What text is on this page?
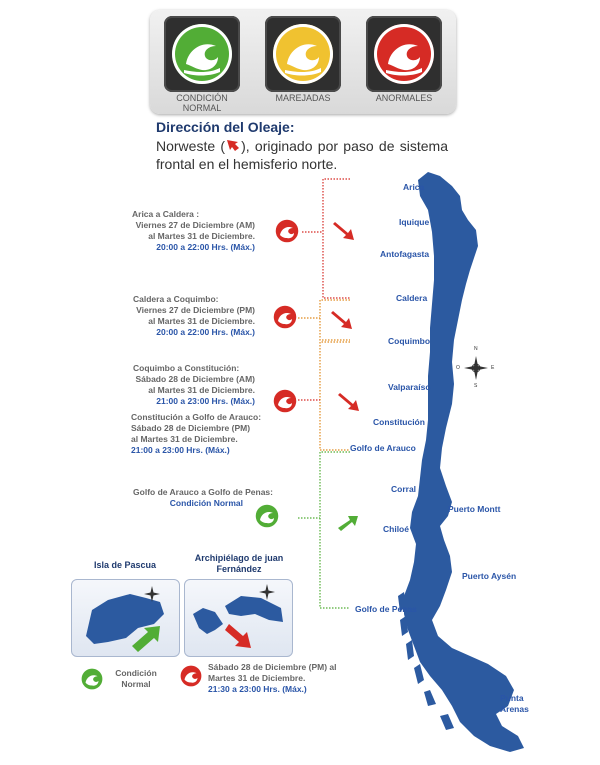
CONDICIÓN
NORMAL
MAREJADAS	ANORMALES
Dirección del Oleaje:
Norweste ( ), originado por paso de sistema frontal en el hemisferio norte.
N
S
E
O
Arica
Iquique
Antofagasta
Caldera
Coquimbo
Valparaíso
Constitución
Golfo de Arauco
Corral
Chiloé
Puerto Montt
Puerto Aysén
Golfo de Penas
Punta Arenas
Arica a Caldera :
Viernes 27 de Diciembre (AM)
al Martes 31 de Diciembre.
20:00 a 22:00 Hrs. (Máx.)
Caldera a Coquimbo:
Viernes 27 de Diciembre (PM)
al Martes 31 de Diciembre.
20:00 a 22:00 Hrs. (Máx.)
Coquimbo a Constitución:
Sábado 28 de Diciembre (AM)
al Martes 31 de Diciembre.
21:00 a 23:00 Hrs. (Máx.)
Constitución a Golfo de Arauco:
Sábado 28 de Diciembre (PM)
al Martes 31 de Diciembre.
21:00 a 23:00 Hrs. (Máx.)
Golfo de Arauco a Golfo de Penas:
Condición Normal
Isla de Pascua
Archipiélago de juan Fernández
Condición Normal
Sábado 28 de Diciembre (PM) al
Martes 31 de Diciembre.
21:30 a 23:00 Hrs. (Máx.)
